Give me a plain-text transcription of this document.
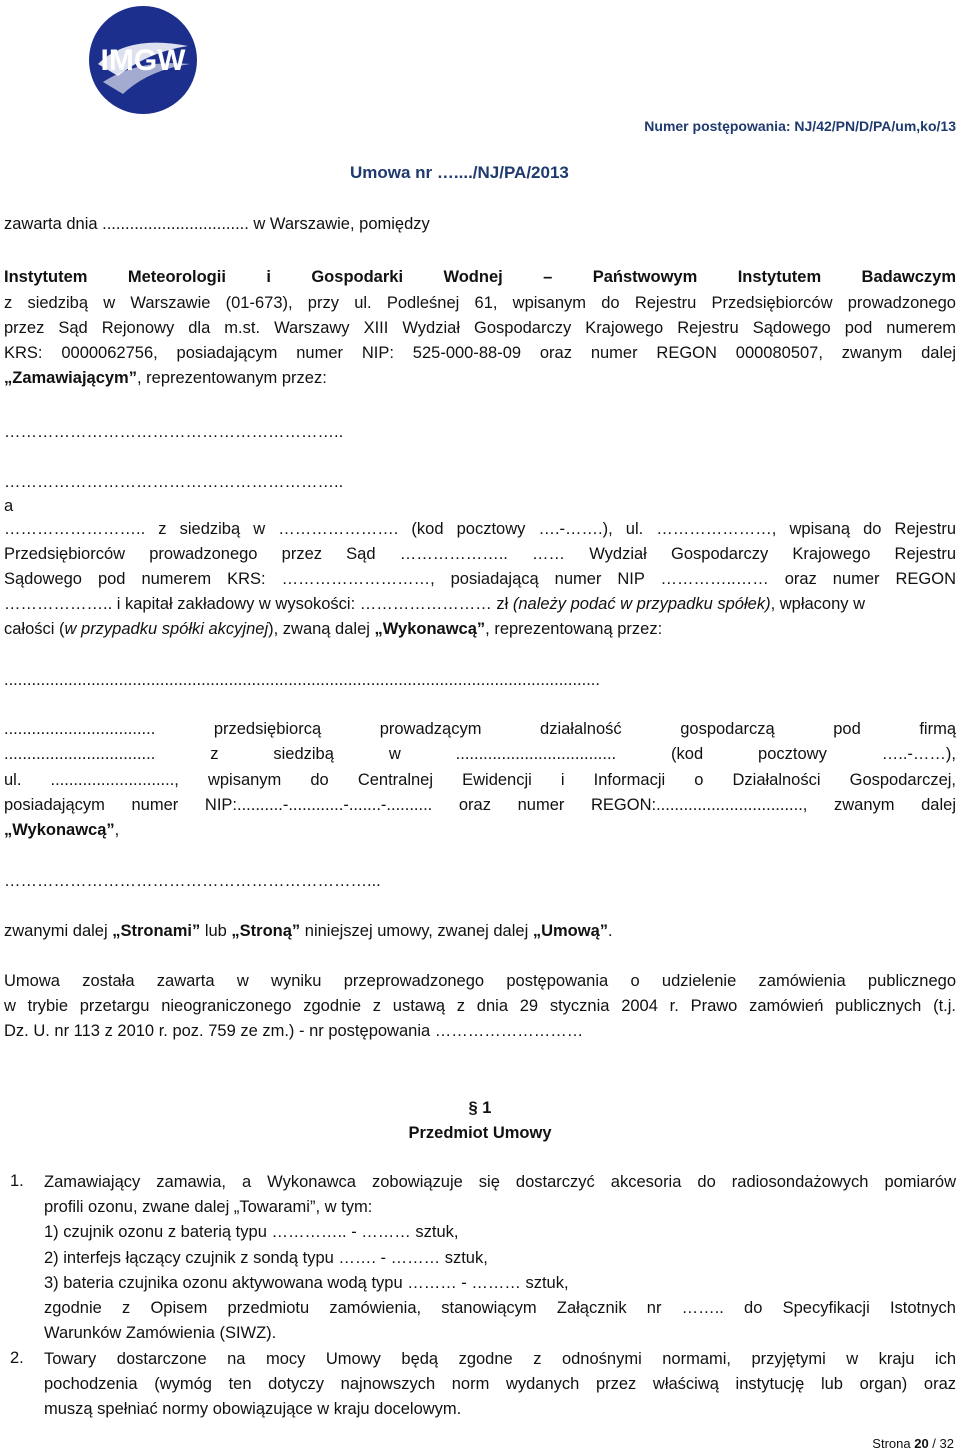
IMGW
Numer postępowania: NJ/42/PN/D/PA/um,ko/13
Umowa nr …..../NJ/PA/2013
zawarta dnia ................................ w Warszawie, pomiędzy
Instytutem Meteorologii i Gospodarki Wodnej – Państwowym Instytutem Badawczym
z siedzibą w Warszawie (01-673), przy ul. Podleśnej 61, wpisanym do Rejestru Przedsiębiorców prowadzonego
przez Sąd Rejonowy dla m.st. Warszawy XIII Wydział Gospodarczy Krajowego Rejestru Sądowego pod numerem
KRS: 0000062756, posiadającym numer NIP: 525-000-88-09 oraz numer REGON 000080507, zwanym dalej
„Zamawiającym”, reprezentowanym przez:
……………………………………………………..
……………………………………………………..
a
…………………….. z siedzibą w …………………. (kod pocztowy ….-…….), ul. …………………, wpisaną do Rejestru
Przedsiębiorców prowadzonego przez Sąd ……………….. …… Wydział Gospodarczy Krajowego Rejestru
Sądowego pod numerem KRS: ………………………, posiadającą numer NIP …………..…… oraz numer REGON
……………….. i kapitał zakładowy w wysokości: …………………… zł (należy podać w przypadku spółek), wpłacony w
całości (w przypadku spółki akcyjnej), zwaną dalej „Wykonawcą”, reprezentowaną przez:
..................................................................................................................................
................................. przedsiębiorcą prowadzącym działalność gospodarczą pod firmą
................................. z siedzibą w ................................... (kod pocztowy …..-……),
ul. ..........................., wpisanym do Centralnej Ewidencji i Informacji o Działalności Gospodarczej,
posiadającym numer NIP:..........-............-.......-.......... oraz numer REGON:................................, zwanym dalej
„Wykonawcą”,
…………………………………………………………...
zwanymi dalej „Stronami” lub „Stroną” niniejszej umowy, zwanej dalej „Umową”.
Umowa została zawarta w wyniku przeprowadzonego postępowania o udzielenie zamówienia publicznego
w trybie przetargu nieograniczonego zgodnie z ustawą z dnia 29 stycznia 2004 r. Prawo zamówień publicznych (t.j.
Dz. U. nr 113 z 2010 r. poz. 759 ze zm.) - nr postępowania ………………………
§ 1
Przedmiot Umowy
1. Zamawiający zamawia, a Wykonawca zobowiązuje się dostarczyć akcesoria do radiosondażowych pomiarów
profili ozonu, zwane dalej „Towarami”, w tym:
1) czujnik ozonu z baterią typu ………….. - ……… sztuk,
2) interfejs łączący czujnik z sondą typu ……. - ……… sztuk,
3) bateria czujnika ozonu aktywowana wodą typu ……… - ……… sztuk,
zgodnie z Opisem przedmiotu zamówienia, stanowiącym Załącznik nr …….. do Specyfikacji Istotnych
Warunków Zamówienia (SIWZ).
2. Towary dostarczone na mocy Umowy będą zgodne z odnośnymi normami, przyjętymi w kraju ich
pochodzenia (wymóg ten dotyczy najnowszych norm wydanych przez właściwą instytucję lub organ) oraz
muszą spełniać normy obowiązujące w kraju docelowym.
Strona 20 / 32
